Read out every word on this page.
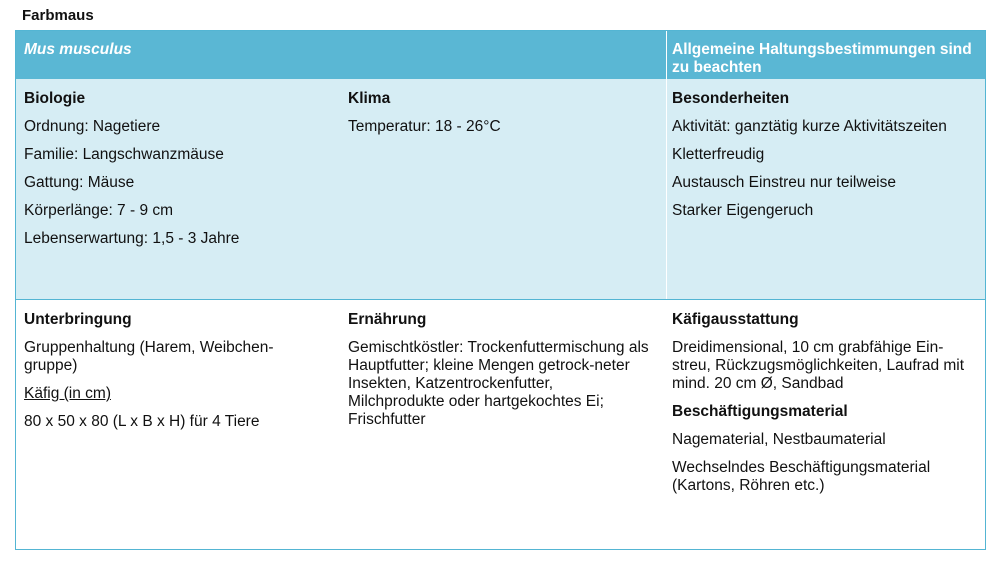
Farbmaus
Mus musculus	Allgemeine Haltungsbestimmungen sind zu beachten
Biologie
Ordnung: Nagetiere
Familie: Langschwanzmäuse
Gattung: Mäuse
Körperlänge: 7 - 9 cm
Lebenserwartung: 1,5 - 3 Jahre
Klima
Temperatur: 18 - 26°C
Besonderheiten
Aktivität: ganztätig kurze Aktivitätszeiten
Kletterfreudig
Austausch Einstreu nur teilweise
Starker Eigengeruch
Unterbringung
Gruppenhaltung (Harem, Weibchen-gruppe)
Käfig (in cm)
80 x 50 x 80 (L x B x H) für 4 Tiere
Ernährung
Gemischtköstler: Trockenfuttermischung als Hauptfutter; kleine Mengen getrock-neter Insekten, Katzentrockenfutter, Milchprodukte oder hartgekochtes Ei; Frischfutter
Käfigausstattung
Dreidimensional, 10 cm grabfähige Ein-streu, Rückzugsmöglichkeiten, Laufrad mit mind. 20 cm Ø, Sandbad
Beschäftigungsmaterial
Nagematerial, Nestbaumaterial
Wechselndes Beschäftigungsmaterial (Kartons, Röhren etc.)
